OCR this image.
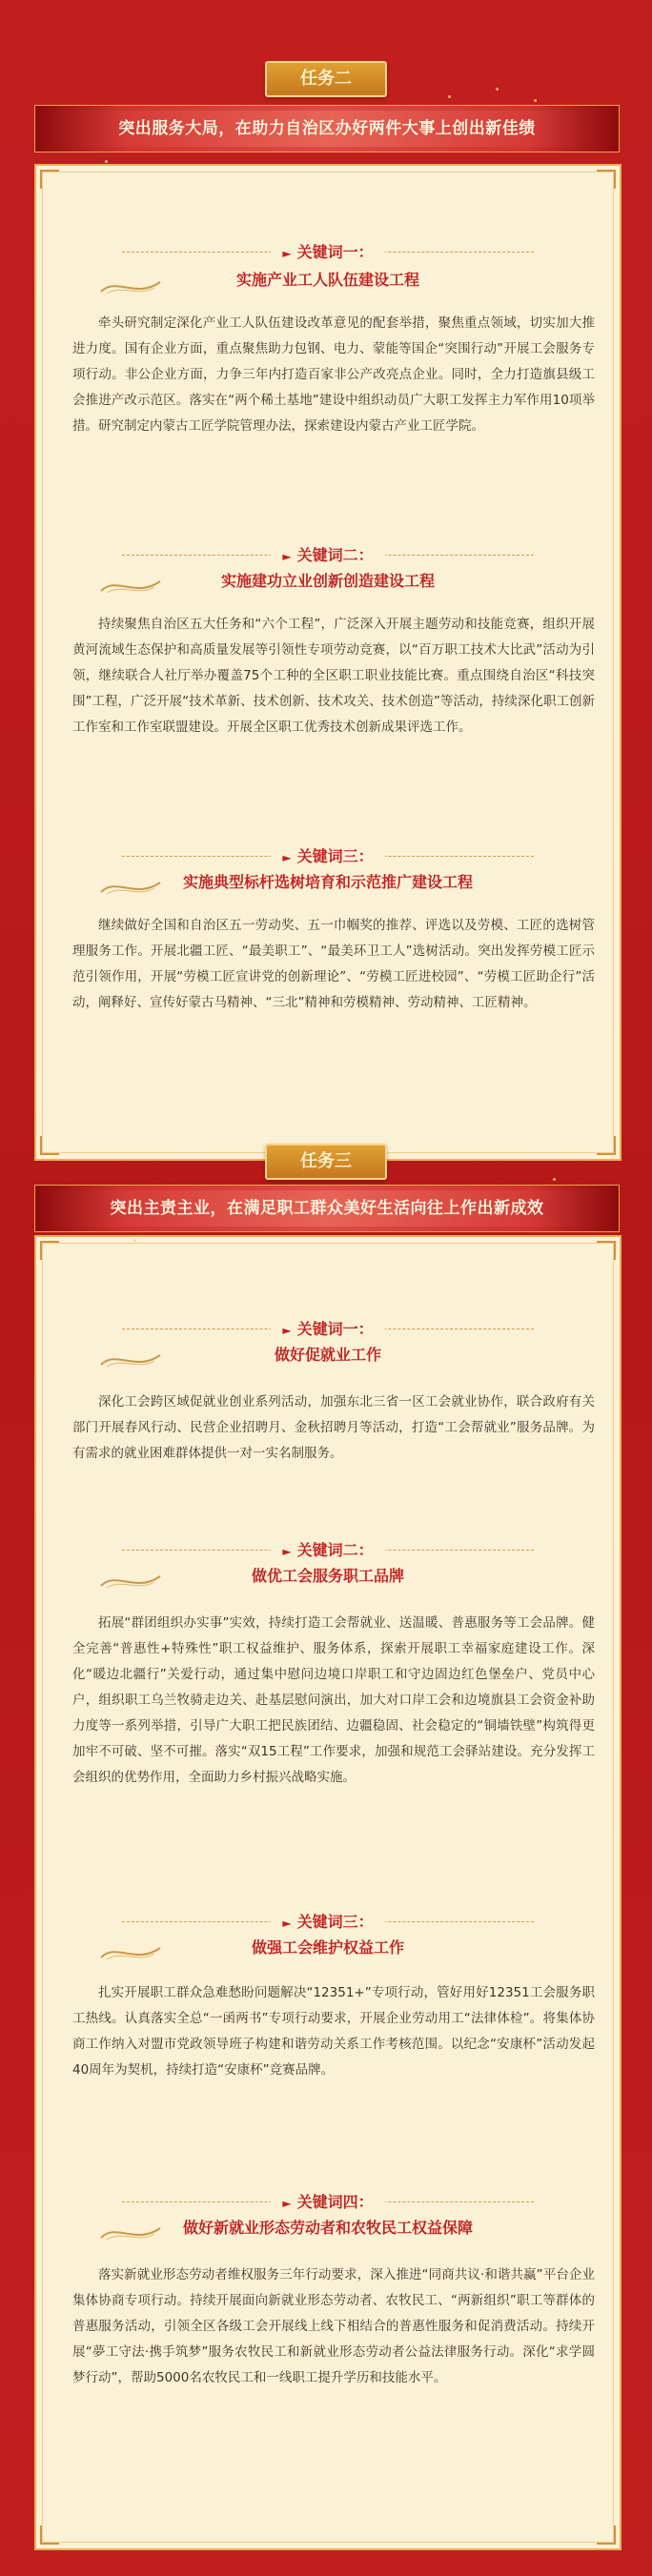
任务二
突出服务大局，在助力自治区办好两件大事上创出新佳绩
► 关键词一：
实施产业工人队伍建设工程

牵头研究制定深化产业工人队伍建设改革意见的配套举措，聚焦重点领域，切实加大推进力度。国有企业方面，重点聚焦助力包钢、电力、蒙能等国企“突围行动”开展工会服务专项行动。非公企业方面，力争三年内打造百家非公产改亮点企业。同时，全力打造旗县级工会推进产改示范区。落实在“两个稀土基地”建设中组织动员广大职工发挥主力军作用10项举措。研究制定内蒙古工匠学院管理办法，探索建设内蒙古产业工匠学院。

► 关键词二：
实施建功立业创新创造建设工程

持续聚焦自治区五大任务和“六个工程”，广泛深入开展主题劳动和技能竞赛，组织开展黄河流域生态保护和高质量发展等引领性专项劳动竞赛，以“百万职工技术大比武”活动为引领，继续联合人社厅举办覆盖75个工种的全区职工职业技能比赛。重点围绕自治区“科技突围”工程，广泛开展“技术革新、技术创新、技术攻关、技术创造”等活动，持续深化职工创新工作室和工作室联盟建设。开展全区职工优秀技术创新成果评选工作。

► 关键词三：
实施典型标杆选树培育和示范推广建设工程

继续做好全国和自治区五一劳动奖、五一巾帼奖的推荐、评选以及劳模、工匠的选树管理服务工作。开展北疆工匠、“最美职工”、“最美环卫工人”选树活动。突出发挥劳模工匠示范引领作用，开展“劳模工匠宣讲党的创新理论”、“劳模工匠进校园”、“劳模工匠助企行”活动，阐释好、宣传好蒙古马精神、“三北”精神和劳模精神、劳动精神、工匠精神。

任务三
突出主责主业，在满足职工群众美好生活向往上作出新成效
► 关键词一：
做好促就业工作

深化工会跨区域促就业创业系列活动，加强东北三省一区工会就业协作，联合政府有关部门开展春风行动、民营企业招聘月、金秋招聘月等活动，打造“工会帮就业”服务品牌。为有需求的就业困难群体提供一对一实名制服务。

► 关键词二：
做优工会服务职工品牌

拓展“群团组织办实事”实效，持续打造工会帮就业、送温暖、普惠服务等工会品牌。健全完善“普惠性+特殊性”职工权益维护、服务体系，探索开展职工幸福家庭建设工作。深化“暖边北疆行”关爱行动，通过集中慰问边境口岸职工和守边固边红色堡垒户、党员中心户，组织职工乌兰牧骑走边关、赴基层慰问演出，加大对口岸工会和边境旗县工会资金补助力度等一系列举措，引导广大职工把民族团结、边疆稳固、社会稳定的“铜墙铁壁”构筑得更加牢不可破、坚不可摧。落实“双15工程”工作要求，加强和规范工会驿站建设。充分发挥工会组织的优势作用，全面助力乡村振兴战略实施。

► 关键词三：
做强工会维护权益工作

扎实开展职工群众急难愁盼问题解决“12351+”专项行动，管好用好12351工会服务职工热线。认真落实全总“一函两书”专项行动要求，开展企业劳动用工“法律体检”。将集体协商工作纳入对盟市党政领导班子构建和谐劳动关系工作考核范围。以纪念“安康杯”活动发起40周年为契机，持续打造“安康杯”竞赛品牌。

► 关键词四：
做好新就业形态劳动者和农牧民工权益保障

落实新就业形态劳动者维权服务三年行动要求，深入推进“同商共议·和谐共赢”平台企业集体协商专项行动。持续开展面向新就业形态劳动者、农牧民工、“两新组织”职工等群体的普惠服务活动，引领全区各级工会开展线上线下相结合的普惠性服务和促消费活动。持续开展“夢工守法·携手筑梦”服务农牧民工和新就业形态劳动者公益法律服务行动。深化“求学圆梦行动”，帮助5000名农牧民工和一线职工提升学历和技能水平。
